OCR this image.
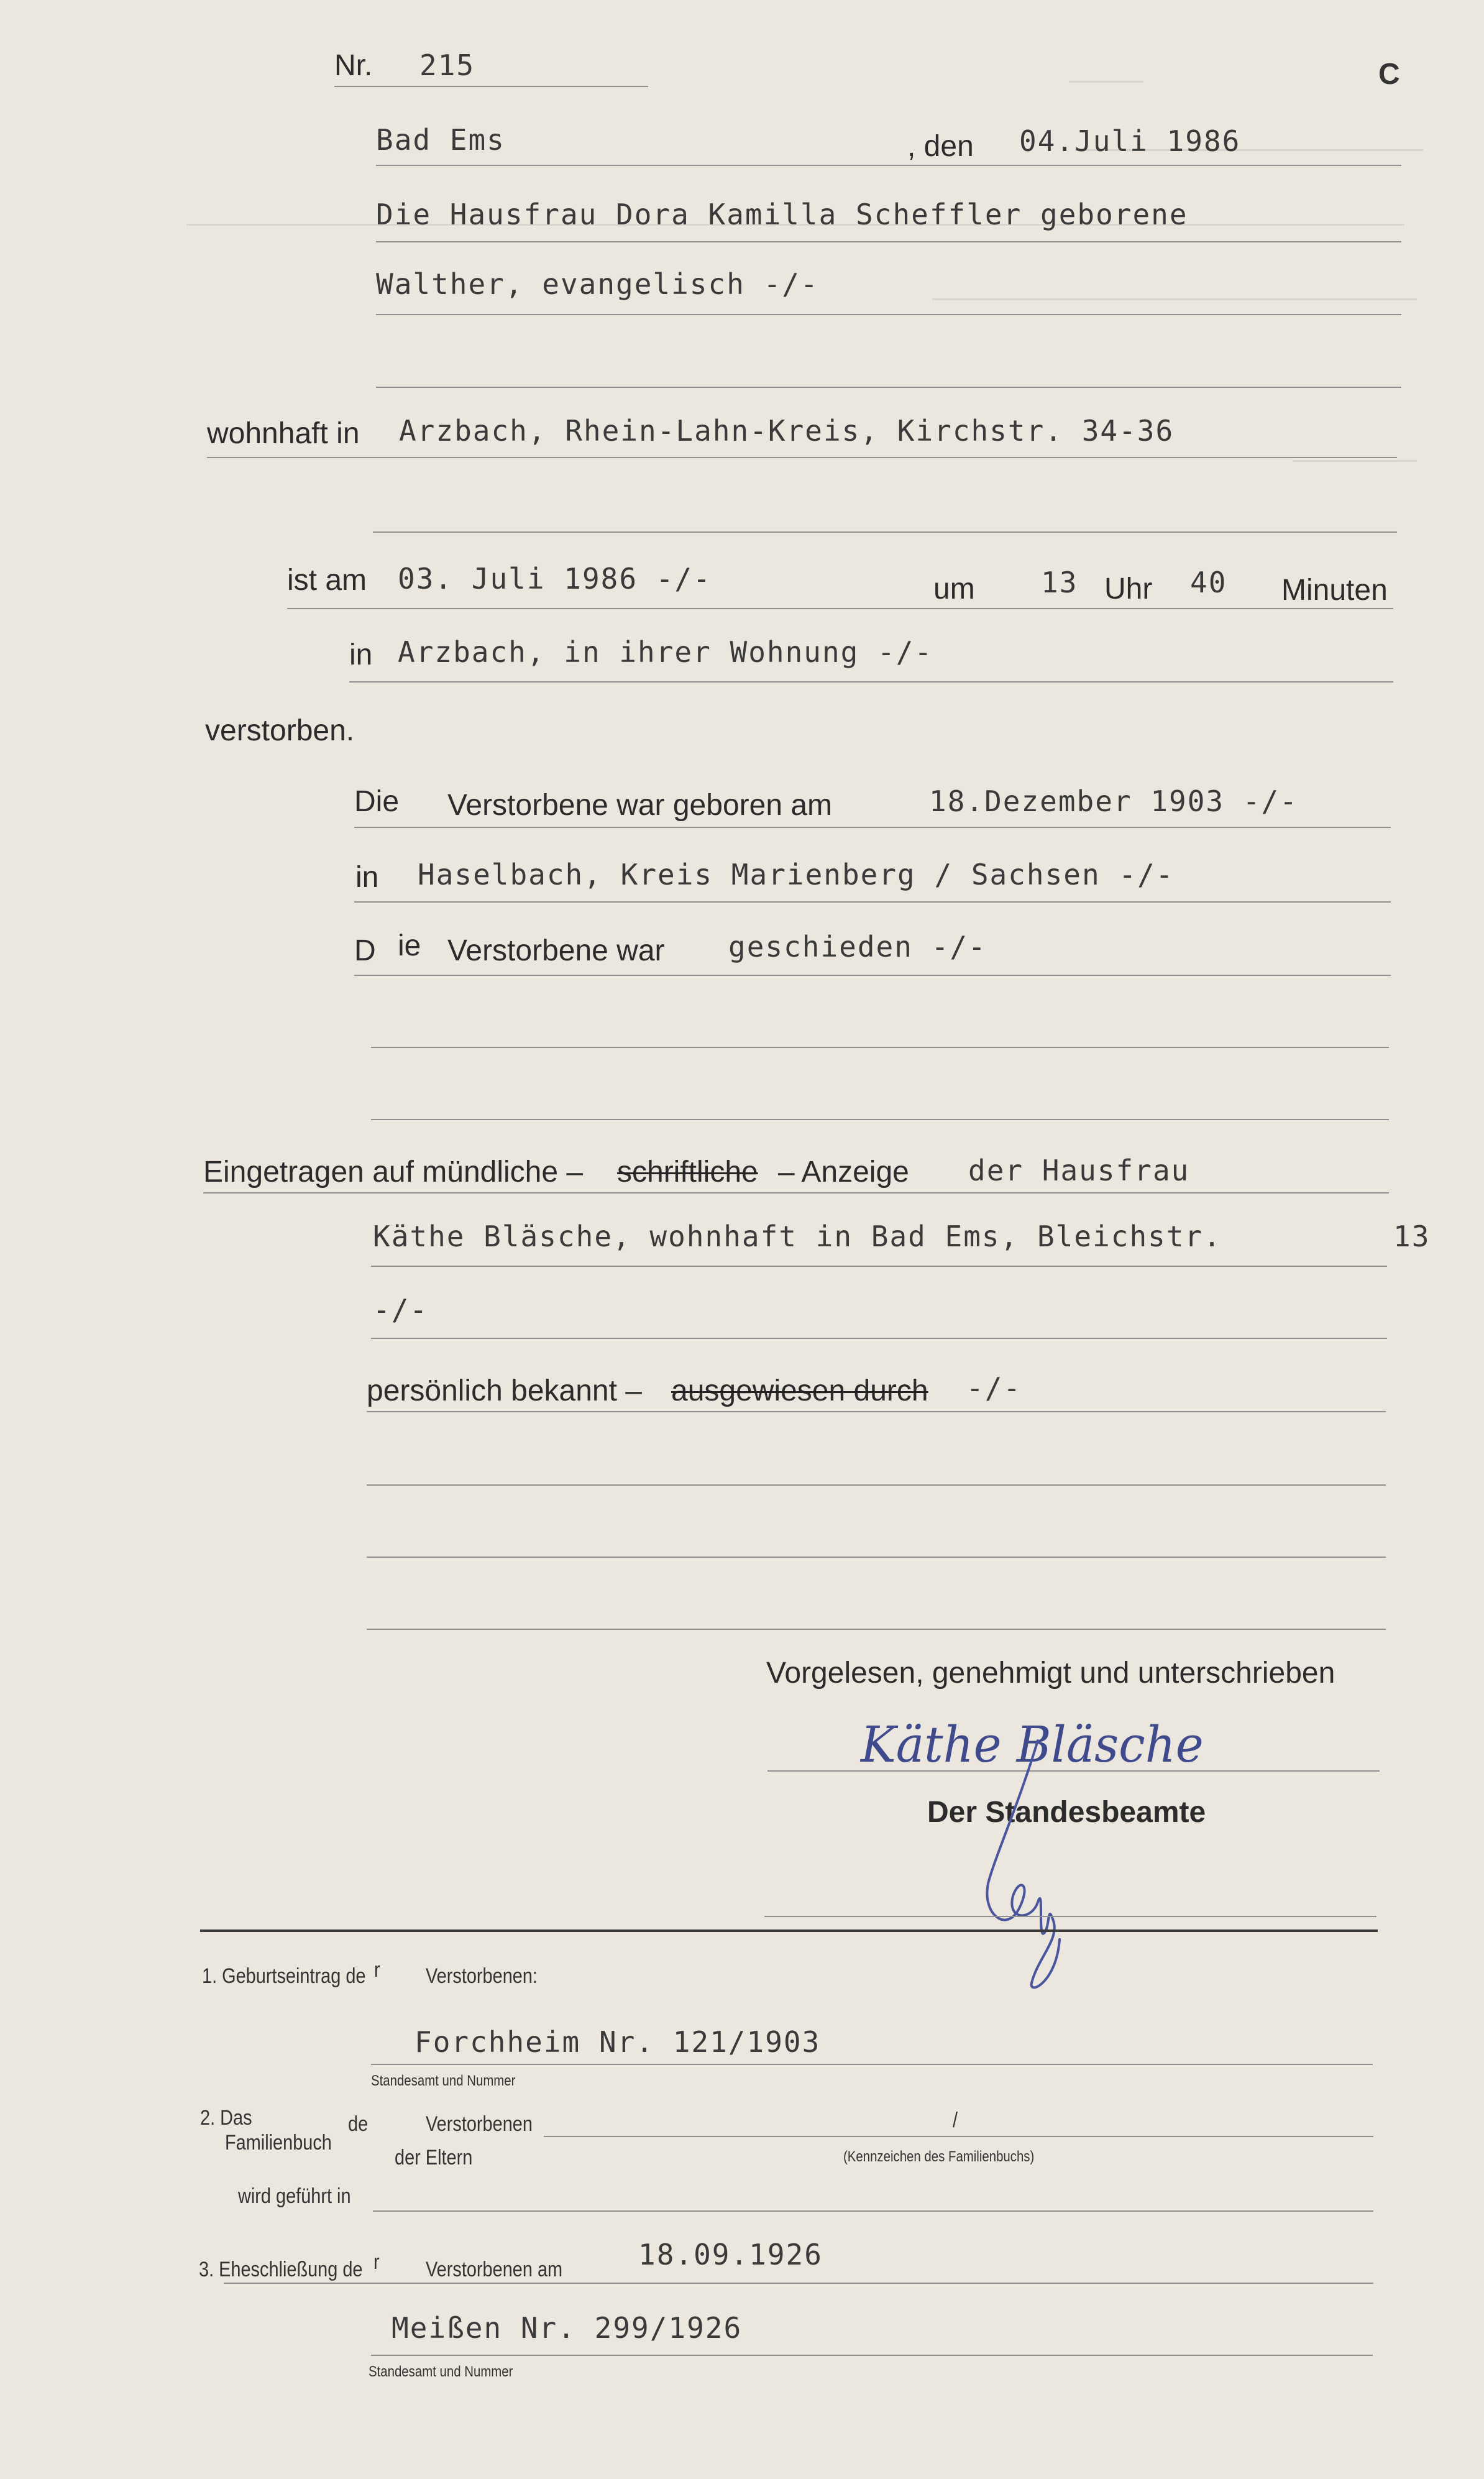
Nr. 215	C
Bad Ems	, den 04.Juli 1986
Die Hausfrau Dora Kamilla Scheffler geborene
Walther, evangelisch -/-
wohnhaft in Arzbach, Rhein-Lahn-Kreis, Kirchstr. 34-36
ist am 03. Juli 1986 -/-	um 13 Uhr 40 Minuten
in Arzbach, in ihrer Wohnung -/-
verstorben.
Die Verstorbene war geboren am	18.Dezember 1903 -/-
in Haselbach, Kreis Marienberg / Sachsen -/-
D ie Verstorbene war geschieden -/-
Eingetragen auf mündliche – schriftliche – Anzeige der Hausfrau
Käthe Bläsche, wohnhaft in Bad Ems, Bleichstr.	13
-/-
persönlich bekannt – ausgewiesen durch -/-
Vorgelesen, genehmigt und unterschrieben
Käthe Bläsche
Der Standesbeamte
1. Geburtseintrag de r Verstorbenen:
Forchheim Nr. 121/1903
Standesamt und Nummer
2. Das
Familienbuch
de	Verstorbenen	/
der Eltern	(Kennzeichen des Familienbuchs)
wird geführt in
3. Eheschließung de r Verstorbenen am	18.09.1926
Meißen Nr. 299/1926
Standesamt und Nummer
